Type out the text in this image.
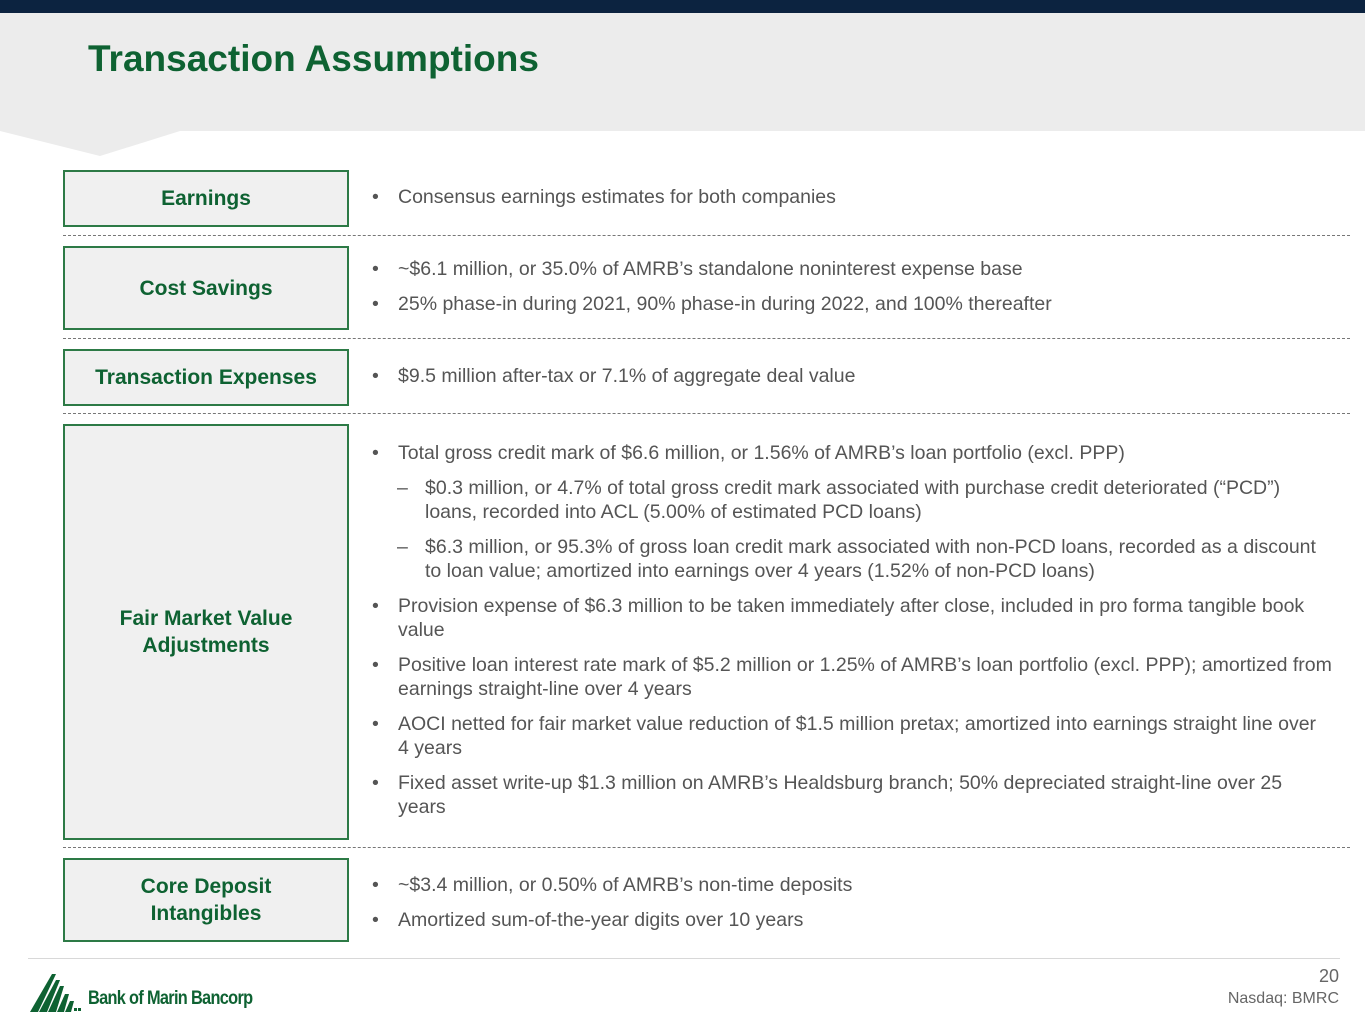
Transaction Assumptions
Earnings	• Consensus earnings estimates for both companies
Cost Savings
• ~$6.1 million, or 35.0% of AMRB’s standalone noninterest expense base
• 25% phase-in during 2021, 90% phase-in during 2022, and 100% thereafter
Transaction Expenses	• $9.5 million after-tax or 7.1% of aggregate deal value
Fair Market Value Adjustments
• Total gross credit mark of $6.6 million, or 1.56% of AMRB’s loan portfolio (excl. PPP)
– $0.3 million, or 4.7% of total gross credit mark associated with purchase credit deteriorated (“PCD”) loans, recorded into ACL (5.00% of estimated PCD loans)
– $6.3 million, or 95.3% of gross loan credit mark associated with non-PCD loans, recorded as a discount to loan value; amortized into earnings over 4 years (1.52% of non-PCD loans)
• Provision expense of $6.3 million to be taken immediately after close, included in pro forma tangible book value
• Positive loan interest rate mark of $5.2 million or 1.25% of AMRB’s loan portfolio (excl. PPP); amortized from earnings straight-line over 4 years
• AOCI netted for fair market value reduction of $1.5 million pretax; amortized into earnings straight line over 4 years
• Fixed asset write-up $1.3 million on AMRB’s Healdsburg branch; 50% depreciated straight-line over 25 years
Core Deposit Intangibles
• ~$3.4 million, or 0.50% of AMRB’s non-time deposits
• Amortized sum-of-the-year digits over 10 years
Bank of Marin Bancorp
20
Nasdaq: BMRC
